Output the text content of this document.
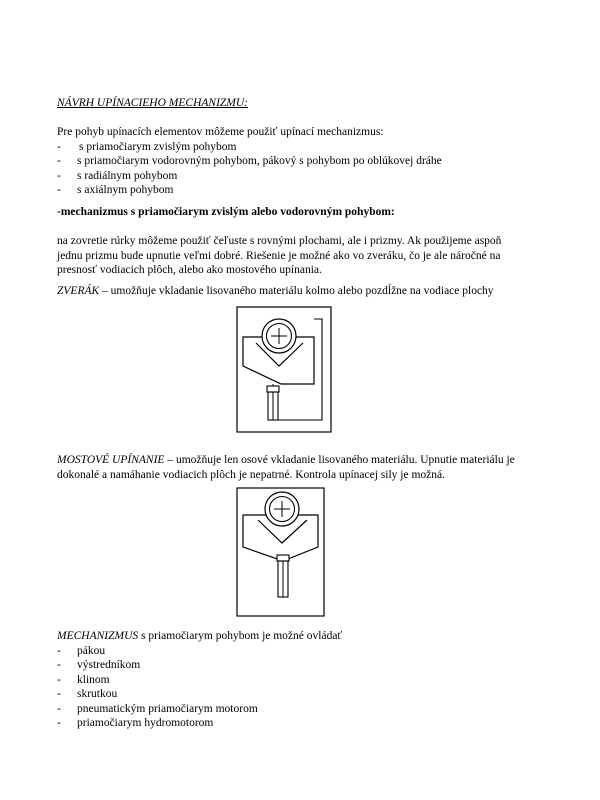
NÁVRH UPÍNACIEHO MECHANIZMU:
Pre pohyb upínacích elementov môžeme použiť upínací mechanizmus:
- s priamočiarym zvislým pohybom
- s priamočiarym vodorovným pohybom, pákový s pohybom po oblúkovej dráhe
- s radiálnym pohybom
- s axiálnym pohybom
-mechanizmus s priamočiarym zvislým alebo vodorovným pohybom:
na zovretie rúrky môžeme použiť čeľuste s rovnými plochami, ale i prizmy. Ak použijeme aspoň
jednu prizmu bude upnutie veľmi dobré. Riešenie je možné ako vo zveráku, čo je ale náročné na
presnosť vodiacich plôch, alebo ako mostového upínania.
ZVERÁK – umožňuje vkladanie lisovaného materiálu kolmo alebo pozdĺžne na vodiace plochy
MOSTOVÉ UPÍNANIE – umožňuje len osové vkladanie lisovaného materiálu. Upnutie materiálu je
dokonalé a namáhanie vodiacich plôch je nepatrné. Kontrola upínacej sily je možná.
MECHANIZMUS s priamočiarym pohybom je možné ovládať
- pákou
- výstredníkom
- klinom
- skrutkou
- pneumatickým priamočiarym motorom
- priamočiarym hydromotorom
